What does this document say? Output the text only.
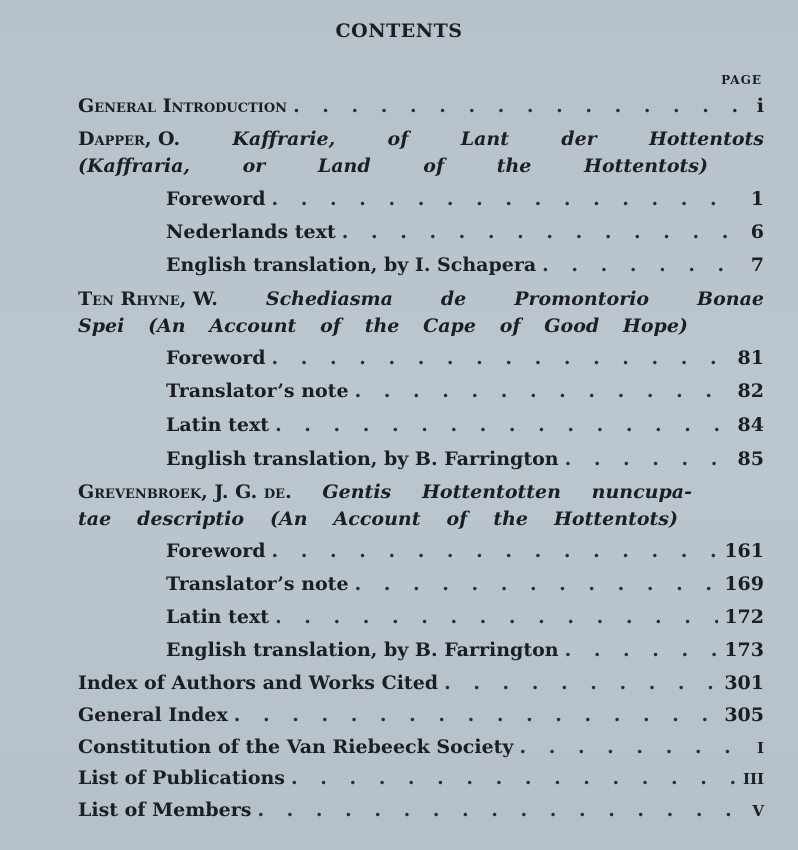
CONTENTS
PAGE
General Introduction . . .	i
Dapper, O.	Kaffrarie,	of	Lant	der	Hottentots
(Kaffraria,	or	Land	of	the	Hottentots)
Foreword . . .	1
Nederlands text . . .	6
English translation, by I. Schapera . . .	7
Ten Rhyne, W.	Schediasma	de	Promontorio	Bonae
Spei (An Account of the Cape of Good Hope)
Foreword . . .	81
Translator’s note . . .	82
Latin text . . .	84
English translation, by B. Farrington . . .	85
Grevenbroek, J. G. de. Gentis Hottentotten nuncupa-
tae descriptio (An Account of the Hottentots)
Foreword . . .	161
Translator’s note . . .	169
Latin text . . .	172
English translation, by B. Farrington . . .	173
Index of Authors and Works Cited . . .	301
General Index . . .	305
Constitution of the Van Riebeeck Society . . .	I
List of Publications . . .	III
List of Members . . .	V
